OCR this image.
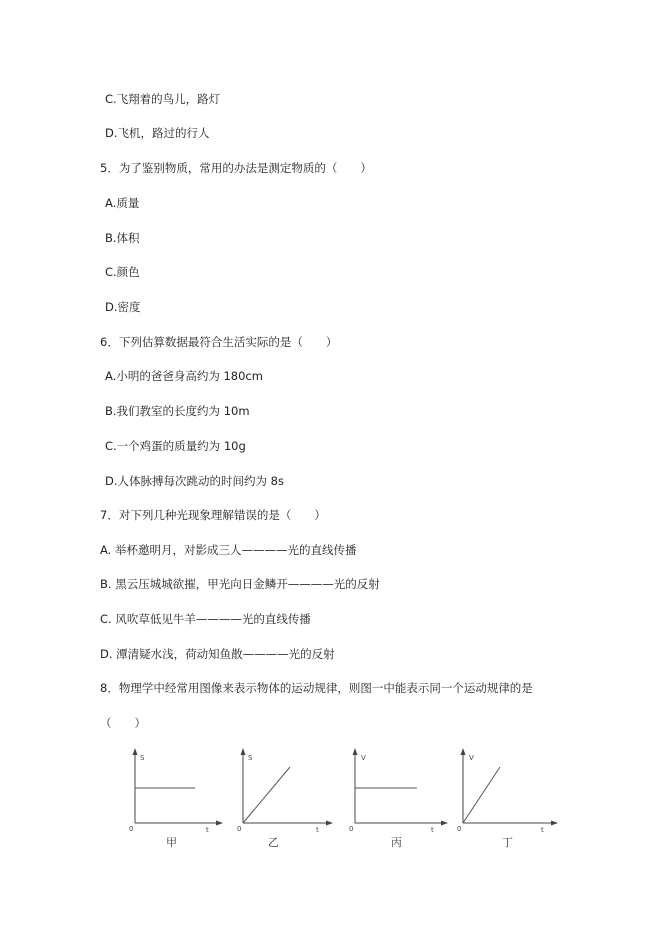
C.飞翔着的鸟儿，路灯
D.飞机，路过的行人
5．为了鉴别物质，常用的办法是测定物质的（　　）
A.质量
B.体积
C.颜色
D.密度
6．下列估算数据最符合生活实际的是（　　）
A.小明的爸爸身高约为 180cm
B.我们教室的长度约为 10m
C.一个鸡蛋的质量约为 10g
D.人体脉搏每次跳动的时间约为 8s
7．对下列几种光现象理解错误的是（　　）
A. 举杯邀明月，对影成三人————光的直线传播
B. 黑云压城城欲摧，甲光向日金鳞开————光的反射
C. 风吹草低见牛羊————光的直线传播
D. 潭清疑水浅，荷动知鱼散————光的反射
8．物理学中经常用图像来表示物体的运动规律，则图一中能表示同一个运动规律的是
（　　）
S
t
0
甲
S
t
0
乙
V
t
0
丙
V
t
0
丁
